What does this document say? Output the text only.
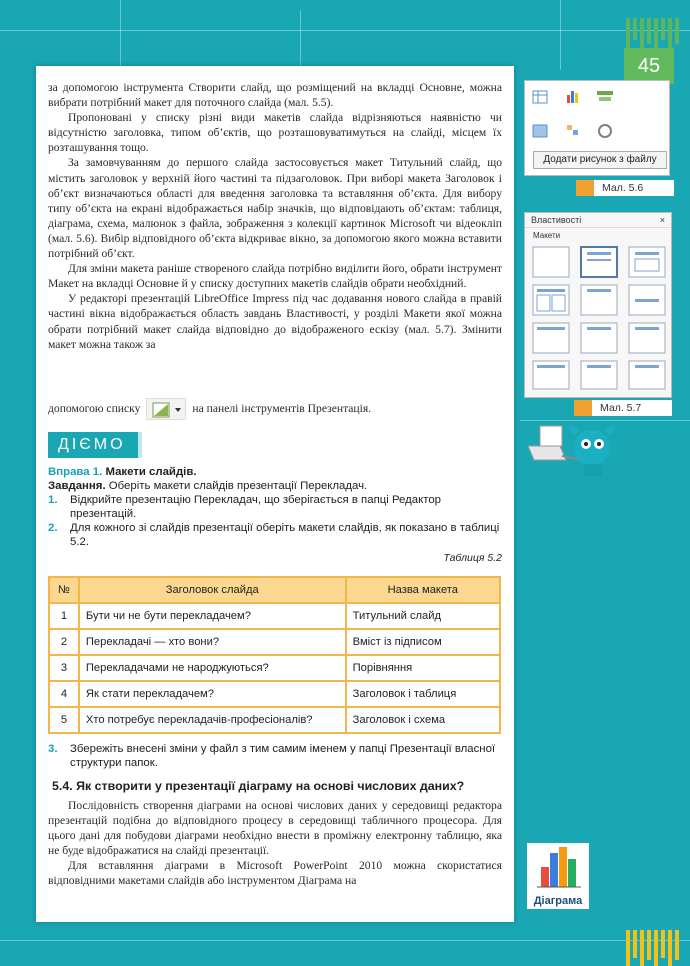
45

за допомогою інструмента Створити слайд, що розміщений на вкладці Основне, можна вибрати потрібний макет для поточного слайда (мал. 5.5).

Пропоновані у списку різні види макетів слайда відрізняються наявністю чи відсутністю заголовка, типом об’єктів, що розташовуватимуться на слайді, місцем їх розташування тощо.

За замовчуванням до першого слайда застосовується макет Титульний слайд, що містить заголовок у верхній його частині та підзаголовок. При виборі макета Заголовок і об’єкт визначаються області для введення заголовка та вставляння об’єкта. Для вибору типу об’єкта на екрані відображається набір значків, що відповідають об’єктам: таблиця, діаграма, схема, малюнок з файла, зображення з колекції картинок Microsoft чи відеокліп (мал. 5.6). Вибір відповідного об’єкта відкриває вікно, за допомогою якого можна вставити потрібний об’єкт.

Для зміни макета раніше створеного слайда потрібно виділити його, обрати інструмент Макет на вкладці Основне й у списку доступних макетів слайдів обрати необхідний.

У редакторі презентацій LibreOffice Impress під час додавання нового слайда в правій частині вікна відображається область завдань Властивості, у розділі Макети якої можна обрати потрібний макет слайда відповідно до відображеного ескізу (мал. 5.7). Змінити макет можна також за

допомогою списку	на панелі інструментів Презентація.
Додати рисунок з файлу
Мал. 5.6
Властивості	×
Макети
Мал. 5.7
ДІЄМО
Вправа 1. Макети слайдів.
Завдання. Оберіть макети слайдів презентації Перекладач.
1.	Відкрийте презентацію Перекладач, що зберігається в папці Редактор презентацій.
2.	Для кожного зі слайдів презентації оберіть макети слайдів, як показано в таблиці 5.2.
Таблиця 5.2
№	Заголовок слайда	Назва макета
1	Бути чи не бути перекладачем?	Титульний слайд
2	Перекладачі — хто вони?	Вміст із підписом
3	Перекладачами не народжуються?	Порівняння
4	Як стати перекладачем?	Заголовок і таблиця
5	Хто потребує перекладачів-професіоналів?	Заголовок і схема
3.	Збережіть внесені зміни у файл з тим самим іменем у папці Презентації власної структури папок.
5.4. Як створити у презентації діаграму на основі числових даних?

Послідовність створення діаграми на основі числових даних у середовищі редактора презентацій подібна до відповідного процесу в середовищі табличного процесора. Для цього дані для побудови діаграми необхідно внести в проміжну електронну таблицю, яка не буде відображатися на слайді презентації.

Для вставляння діаграми в Microsoft PowerPoint 2010 можна скористатися відповідними макетами слайдів або інструментом Діаграма на

Діаграма
